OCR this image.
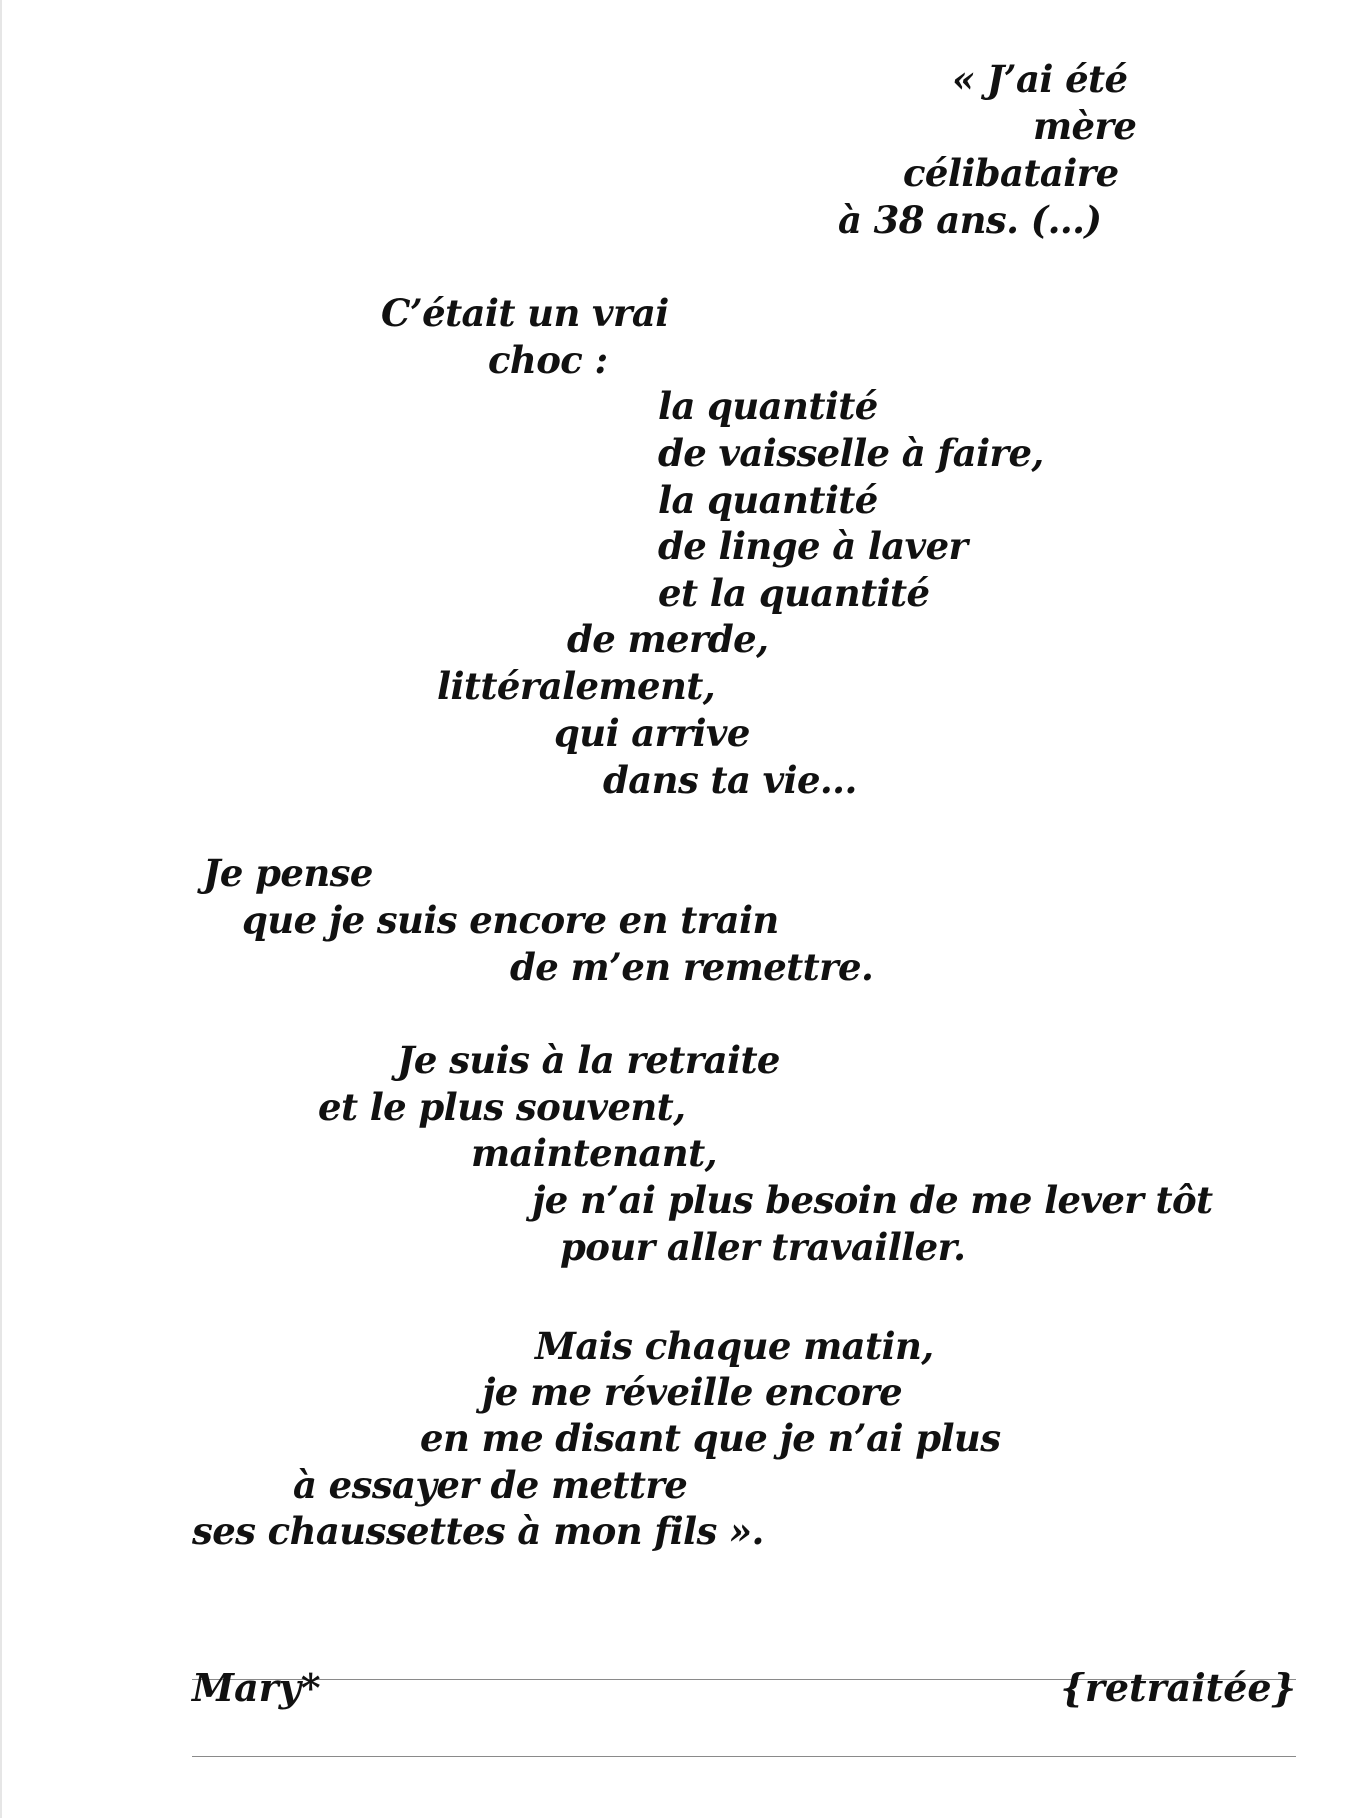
« J’ai été
mère
célibataire
à 38 ans. (...)
C’était un vrai
choc :
la quantité
de vaisselle à faire,
la quantité
de linge à laver
et la quantité
de merde,
littéralement,
qui arrive
dans ta vie...
Je pense
que je suis encore en train
de m’en remettre.
Je suis à la retraite
et le plus souvent,
maintenant,
je n’ai plus besoin de me lever tôt
pour aller travailler.
Mais chaque matin,
je me réveille encore
en me disant que je n’ai plus
à essayer de mettre
ses chaussettes à mon fils ».
Mary*	{retraitée}
